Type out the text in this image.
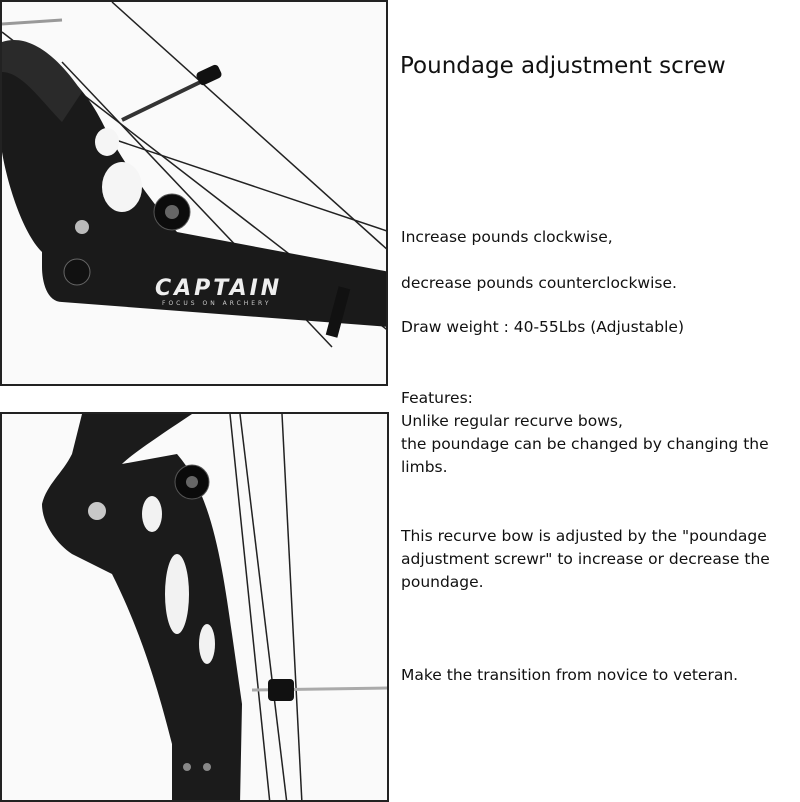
CAPTAIN
FOCUS ON ARCHERY
Poundage adjustment screw
Increase pounds clockwise,
decrease pounds counterclockwise.
Draw weight : 40-55Lbs (Adjustable)
Features:
Unlike regular recurve bows,
the poundage can be changed by changing the
limbs.
This recurve bow is adjusted by the "poundage
adjustment screwr" to increase or decrease the
poundage.
Make the transition from novice to veteran.
